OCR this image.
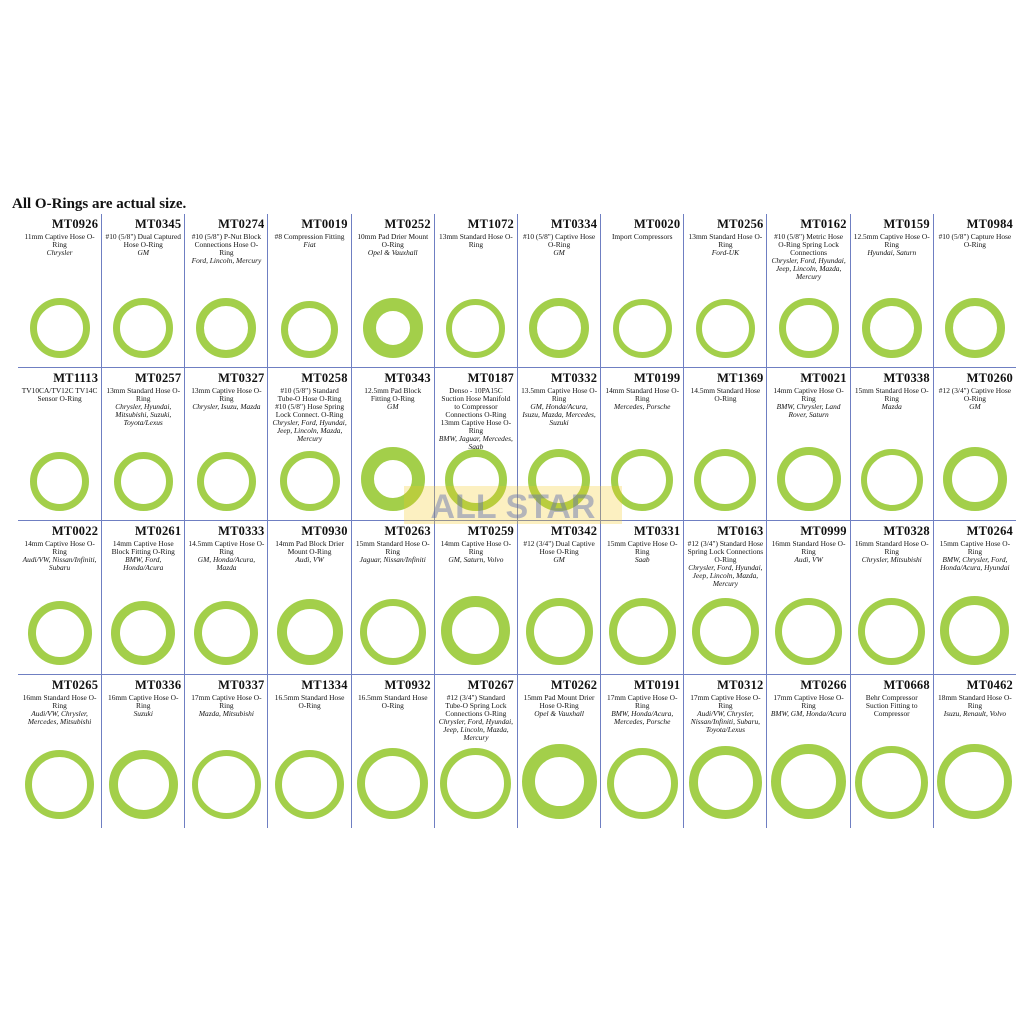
All O-Rings are actual size.
MT0926
11mm Captive Hose O-Ring
Chrysler
MT0345
#10 (5/8") Dual Captured Hose O-Ring
GM
MT0274
#10 (5/8") P-Nut Block Connections Hose O-Ring
Ford, Lincoln, Mercury
MT0019
#8 Compression Fitting
Fiat
MT0252
10mm Pad Drier Mount O-Ring
Opel & Vauxhall
MT1072
13mm Standard Hose O-Ring
MT0334
#10 (5/8") Captive Hose O-Ring
GM
MT0020
Import Compressors
MT0256
13mm Standard Hose O-Ring
Ford-UK
MT0162
#10 (5/8") Metric Hose O-Ring Spring Lock Connections
Chrysler, Ford, Hyundai, Jeep, Lincoln, Mazda, Mercury
MT0159
12.5mm Captive Hose O-Ring
Hyundai, Saturn
MT0984
#10 (5/8") Capture Hose O-Ring
MT1113
TV10CA/TV12C TV14C Sensor O-Ring
MT0257
13mm Standard Hose O-Ring
Chrysler, Hyundai, Mitsubishi, Suzuki, Toyota/Lexus
MT0327
13mm Captive Hose O-Ring
Chrysler, Isuzu, Mazda
MT0258
#10 (5/8") Standard Tube-O Hose O-Ring #10 (5/8") Hose Spring Lock Connect. O-Ring
Chrysler, Ford, Hyundai, Jeep, Lincoln, Mazda, Mercury
MT0343
12.5mm Pad Block Fitting O-Ring
GM
MT0187
Denso - 10PA15C Suction Hose Manifold to Compressor Connections O-Ring 13mm Captive Hose O-Ring
BMW, Jaguar, Mercedes, Saab
MT0332
13.5mm Captive Hose O-Ring
GM, Honda/Acura, Isuzu, Mazda, Mercedes, Suzuki
MT0199
14mm Standard Hose O-Ring
Mercedes, Porsche
MT1369
14.5mm Standard Hose O-Ring
MT0021
14mm Captive Hose O-Ring
BMW, Chrysler, Land Rover, Saturn
MT0338
15mm Standard Hose O-Ring
Mazda
MT0260
#12 (3/4") Captive Hose O-Ring
GM
MT0022
14mm Captive Hose O-Ring
Audi/VW, Nissan/Infiniti, Subaru
MT0261
14mm Captive Hose Block Fitting O-Ring
BMW, Ford, Honda/Acura
MT0333
14.5mm Captive Hose O-Ring
GM, Honda/Acura, Mazda
MT0930
14mm Pad Block Drier Mount O-Ring
Audi, VW
MT0263
15mm Standard Hose O-Ring
Jaguar, Nissan/Infiniti
MT0259
14mm Captive Hose O-Ring
GM, Saturn, Volvo
MT0342
#12 (3/4") Dual Captive Hose O-Ring
GM
MT0331
15mm Captive Hose O-Ring
Saab
MT0163
#12 (3/4") Standard Hose Spring Lock Connections O-Ring
Chrysler, Ford, Hyundai, Jeep, Lincoln, Mazda, Mercury
MT0999
16mm Standard Hose O-Ring
Audi, VW
MT0328
16mm Standard Hose O-Ring
Chrysler, Mitsubishi
MT0264
15mm Captive Hose O-Ring
BMW, Chrysler, Ford, Honda/Acura, Hyundai
MT0265
16mm Standard Hose O-Ring
Audi/VW, Chrysler, Mercedes, Mitsubishi
MT0336
16mm Captive Hose O-Ring
Suzuki
MT0337
17mm Captive Hose O-Ring
Mazda, Mitsubishi
MT1334
16.5mm Standard Hose O-Ring
MT0932
16.5mm Standard Hose O-Ring
MT0267
#12 (3/4") Standard Tube-O Spring Lock Connections O-Ring
Chrysler, Ford, Hyundai, Jeep, Lincoln, Mazda, Mercury
MT0262
15mm Pad Mount Drier Hose O-Ring
Opel & Vauxhall
MT0191
17mm Captive Hose O-Ring
BMW, Honda/Acura, Mercedes, Porsche
MT0312
17mm Captive Hose O-Ring
Audi/VW, Chrysler, Nissan/Infiniti, Subaru, Toyota/Lexus
MT0266
17mm Captive Hose O-Ring
BMW, GM, Honda/Acura
MT0668
Behr Compressor Suction Fitting to Compressor
MT0462
18mm Standard Hose O-Ring
Isuzu, Renault, Volvo
ALL STAR
